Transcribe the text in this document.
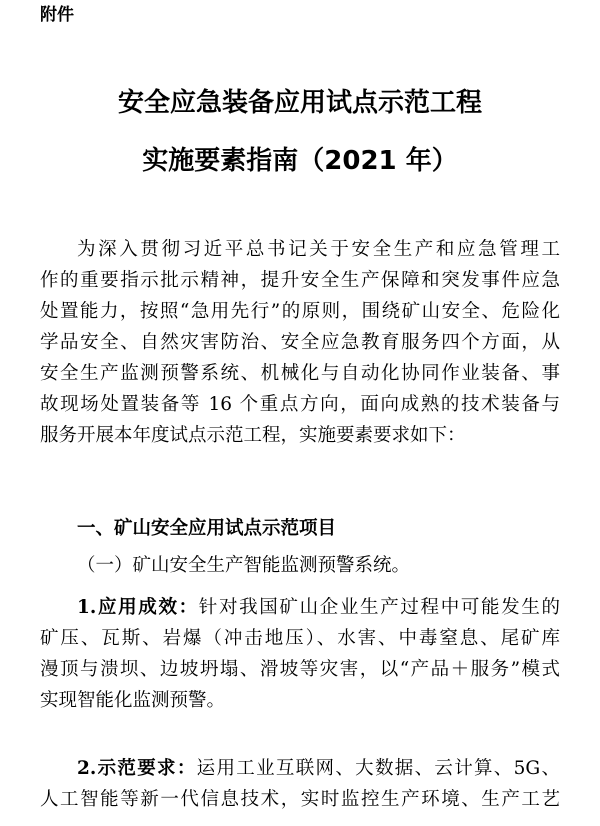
附件
安全应急装备应用试点示范工程
实施要素指南（2021 年）
为深入贯彻习近平总书记关于安全生产和应急管理工
作的重要指示批示精神，提升安全生产保障和突发事件应急
处置能力，按照“急用先行”的原则，围绕矿山安全、危险化
学品安全、自然灾害防治、安全应急教育服务四个方面，从
安全生产监测预警系统、机械化与自动化协同作业装备、事
故现场处置装备等 16 个重点方向，面向成熟的技术装备与
服务开展本年度试点示范工程，实施要素要求如下：
一、矿山安全应用试点示范项目
（一）矿山安全生产智能监测预警系统。
1.应用成效：针对我国矿山企业生产过程中可能发生的
矿压、瓦斯、岩爆（冲击地压）、水害、中毒窒息、尾矿库
漫顶与溃坝、边坡坍塌、滑坡等灾害，以“产品＋服务”模式
实现智能化监测预警。
2.示范要求：运用工业互联网、大数据、云计算、5G、
人工智能等新一代信息技术，实时监控生产环境、生产工艺
